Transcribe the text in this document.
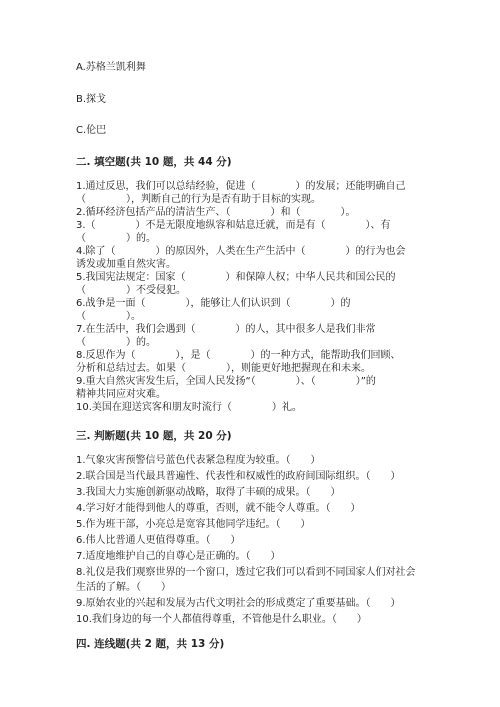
A.苏格兰凯利舞
B.探戈
C.伦巴
二. 填空题(共 10 题，共 44 分)
1.通过反思，我们可以总结经验，促进（　　　　）的发展；还能明确自己
（　　　　），判断自己的行为是否有助于目标的实现。
2.循环经济包括产品的清洁生产、（　　　　）和（　　　　）。
3.（　　　　）不是无限度地纵容和姑息迁就，而是有（　　　　）、有
（　　　　）的。
4.除了（　　　　）的原因外，人类在生产生活中（　　　　）的行为也会
诱发或加重自然灾害。
5.我国宪法规定：国家（　　　　）和保障人权；中华人民共和国公民的
（　　　　）不受侵犯。
6.战争是一面（　　　　），能够让人们认识到（　　　　）的
（　　　　）。
7.在生活中，我们会遇到（　　　　）的人，其中很多人是我们非常
（　　　　）的。
8.反思作为（　　　　），是（　　　　）的一种方式，能帮助我们回顾、
分析和总结过去。如果（　　　　），则能更好地把握现在和未来。
9.重大自然灾害发生后，全国人民发扬“（　　　　）、（　　　　）”的
精神共同应对灾难。
10.美国在迎送宾客和朋友时流行（　　　　）礼。
三. 判断题(共 10 题，共 20 分)
1.气象灾害预警信号蓝色代表紧急程度为较重。（　　）
2.联合国是当代最具普遍性、代表性和权威性的政府间国际组织。（　　）
3.我国大力实施创新驱动战略，取得了丰硕的成果。（　　）
4.学习好才能得到他人的尊重，否则，就不能令人尊重。（　　）
5.作为班干部，小亮总是宽容其他同学违纪。（　　）
6.伟人比普通人更值得尊重。（　　）
7.适度地维护自己的自尊心是正确的。（　　）
8.礼仪是我们观察世界的一个窗口，透过它我们可以看到不同国家人们对社会
生活的了解。（　　）
9.原始农业的兴起和发展为古代文明社会的形成奠定了重要基础。（　　）
10.我们身边的每一个人都值得尊重，不管他是什么职业。（　　）
四. 连线题(共 2 题，共 13 分)
